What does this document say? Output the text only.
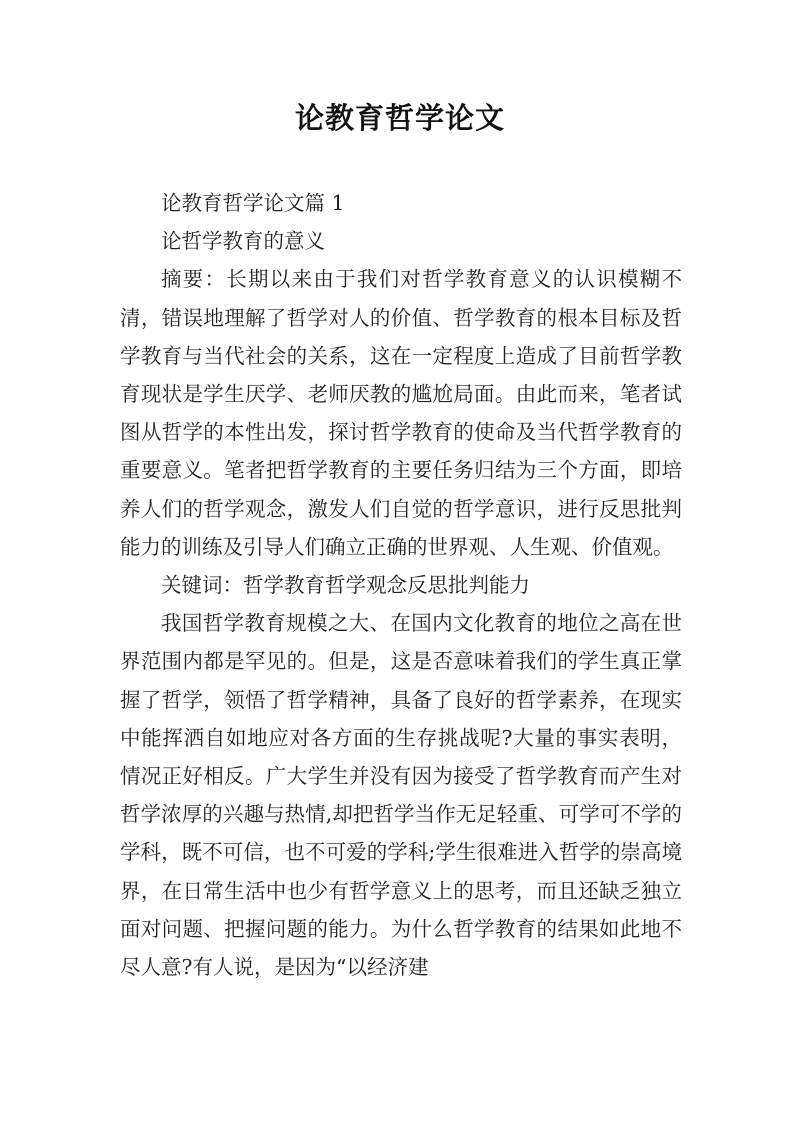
论教育哲学论文

论教育哲学论文篇 1

论哲学教育的意义

摘要：长期以来由于我们对哲学教育意义的认识模糊不清，错误地理解了哲学对人的价值、哲学教育的根本目标及哲学教育与当代社会的关系，这在一定程度上造成了目前哲学教育现状是学生厌学、老师厌教的尴尬局面。由此而来，笔者试图从哲学的本性出发，探讨哲学教育的使命及当代哲学教育的重要意义。笔者把哲学教育的主要任务归结为三个方面，即培养人们的哲学观念，激发人们自觉的哲学意识，进行反思批判能力的训练及引导人们确立正确的世界观、人生观、价值观。

关键词：哲学教育哲学观念反思批判能力

我国哲学教育规模之大、在国内文化教育的地位之高在世界范围内都是罕见的。但是，这是否意味着我们的学生真正掌握了哲学，领悟了哲学精神，具备了良好的哲学素养，在现实中能挥洒自如地应对各方面的生存挑战呢?大量的事实表明，情况正好相反。广大学生并没有因为接受了哲学教育而产生对哲学浓厚的兴趣与热情,却把哲学当作无足轻重、可学可不学的学科，既不可信，也不可爱的学科;学生很难进入哲学的崇高境界，在日常生活中也少有哲学意义上的思考，而且还缺乏独立面对问题、把握问题的能力。为什么哲学教育的结果如此地不尽人意?有人说，是因为“以经济建
